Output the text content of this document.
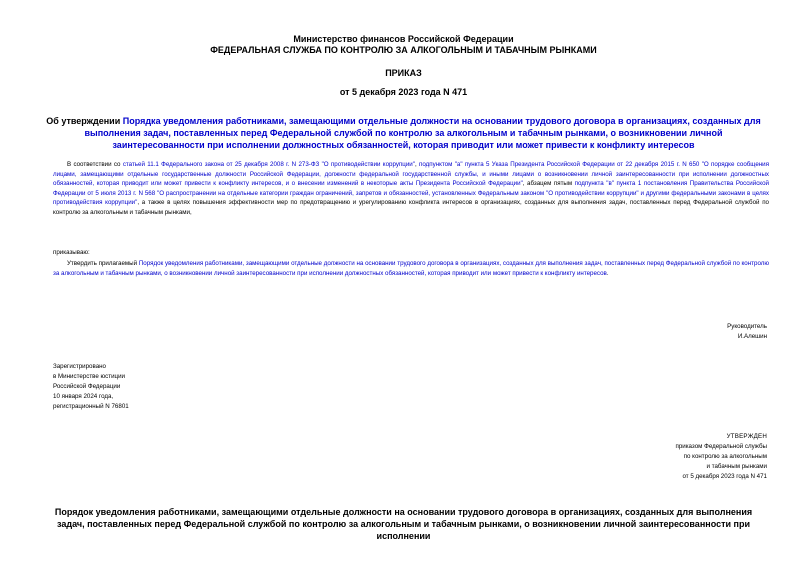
Министерство финансов Российской Федерации
ФЕДЕРАЛЬНАЯ СЛУЖБА ПО КОНТРОЛЮ ЗА АЛКОГОЛЬНЫМ И ТАБАЧНЫМ РЫНКАМИ
ПРИКАЗ
от 5 декабря 2023 года N 471
Об утверждении Порядка уведомления работниками, замещающими отдельные должности на основании трудового договора в организациях, созданных для выполнения задач, поставленных перед Федеральной службой по контролю за алкогольным и табачным рынками, о возникновении личной заинтересованности при исполнении должностных обязанностей, которая приводит или может привести к конфликту интересов
В соответствии со статьей 11.1 Федерального закона от 25 декабря 2008 г. N 273-ФЗ "О противодействии коррупции", подпунктом "а" пункта 5 Указа Президента Российской Федерации от 22 декабря 2015 г. N 650 "О порядке сообщения лицами, замещающими отдельные государственные должности Российской Федерации, должности федеральной государственной службы, и иными лицами о возникновении личной заинтересованности при исполнении должностных обязанностей, которая приводит или может привести к конфликту интересов, и о внесении изменений в некоторые акты Президента Российской Федерации", абзацем пятым подпункта "в" пункта 1 постановления Правительства Российской Федерации от 5 июля 2013 г. N 568 "О распространении на отдельные категории граждан ограничений, запретов и обязанностей, установленных Федеральным законом "О противодействии коррупции" и другими федеральными законами в целях противодействия коррупции", а также в целях повышения эффективности мер по предотвращению и урегулированию конфликта интересов в организациях, созданных для выполнения задач, поставленных перед Федеральной службой по контролю за алкогольным и табачным рынками,
приказываю:
Утвердить прилагаемый Порядок уведомления работниками, замещающими отдельные должности на основании трудового договора в организациях, созданных для выполнения задач, поставленных перед Федеральной службой по контролю за алкогольным и табачным рынками, о возникновении личной заинтересованности при исполнении должностных обязанностей, которая приводит или может привести к конфликту интересов.
Руководитель
И.Алешин
Зарегистрировано
в Министерстве юстиции
Российской Федерации
10 января 2024 года,
регистрационный N 76801
УТВЕРЖДЕН
приказом Федеральной службы
по контролю за алкогольным
и табачным рынками
от 5 декабря 2023 года N 471
Порядок уведомления работниками, замещающими отдельные должности на основании трудового договора в организациях, созданных для выполнения задач, поставленных перед Федеральной службой по контролю за алкогольным и табачным рынками, о возникновении личной заинтересованности при исполнении
